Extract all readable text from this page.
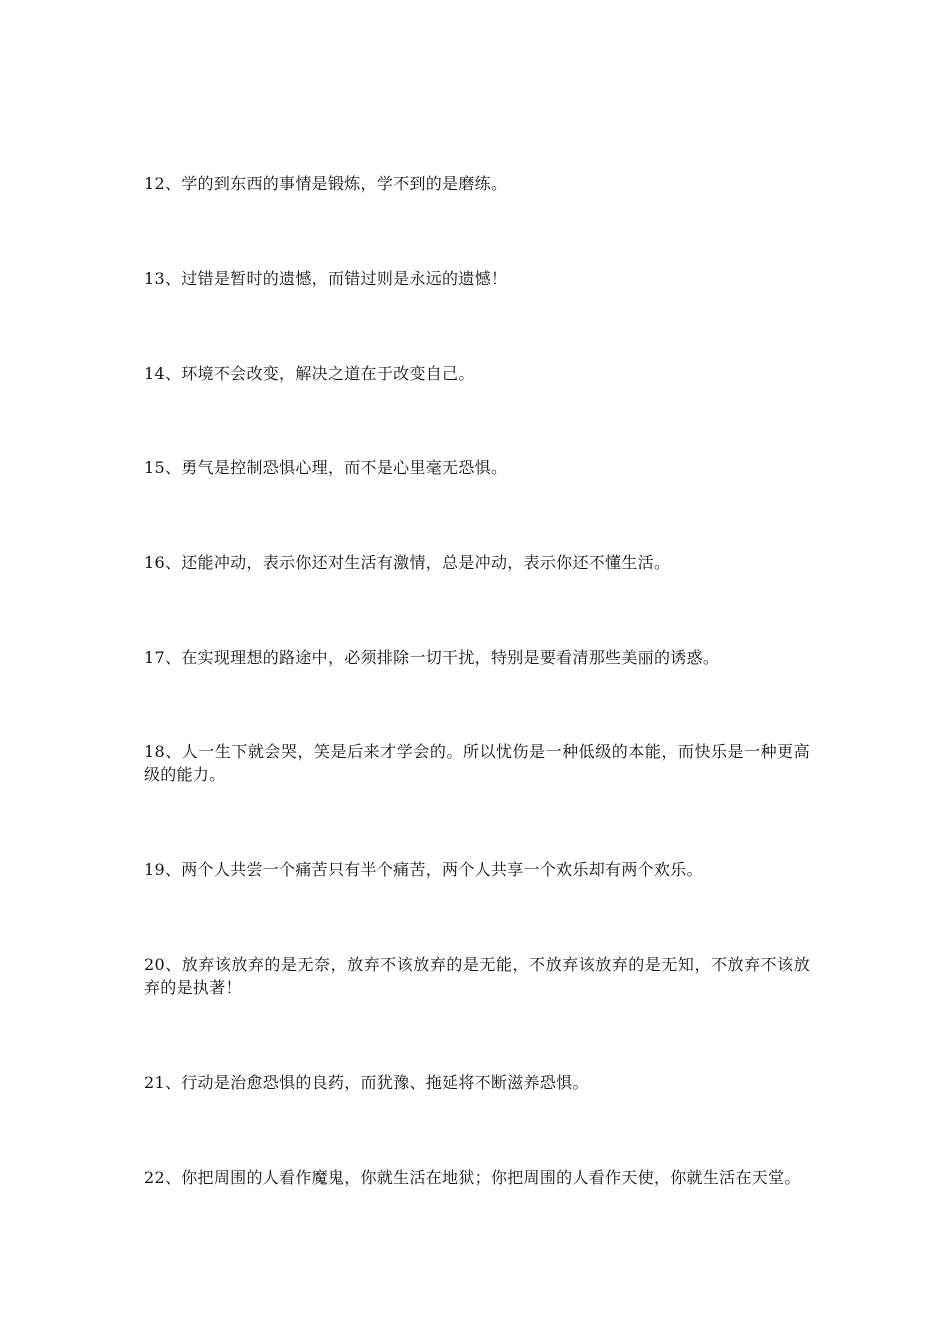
12、学的到东西的事情是锻炼，学不到的是磨练。

13、过错是暂时的遗憾，而错过则是永远的遗憾！

14、环境不会改变，解决之道在于改变自己。

15、勇气是控制恐惧心理，而不是心里毫无恐惧。

16、还能冲动，表示你还对生活有激情，总是冲动，表示你还不懂生活。

17、在实现理想的路途中，必须排除一切干扰，特别是要看清那些美丽的诱惑。

18、人一生下就会哭，笑是后来才学会的。所以忧伤是一种低级的本能，而快乐是一种更高级的能力。

19、两个人共尝一个痛苦只有半个痛苦，两个人共享一个欢乐却有两个欢乐。

20、放弃该放弃的是无奈，放弃不该放弃的是无能，不放弃该放弃的是无知，不放弃不该放弃的是执著！

21、行动是治愈恐惧的良药，而犹豫、拖延将不断滋养恐惧。

22、你把周围的人看作魔鬼，你就生活在地狱；你把周围的人看作天使，你就生活在天堂。
